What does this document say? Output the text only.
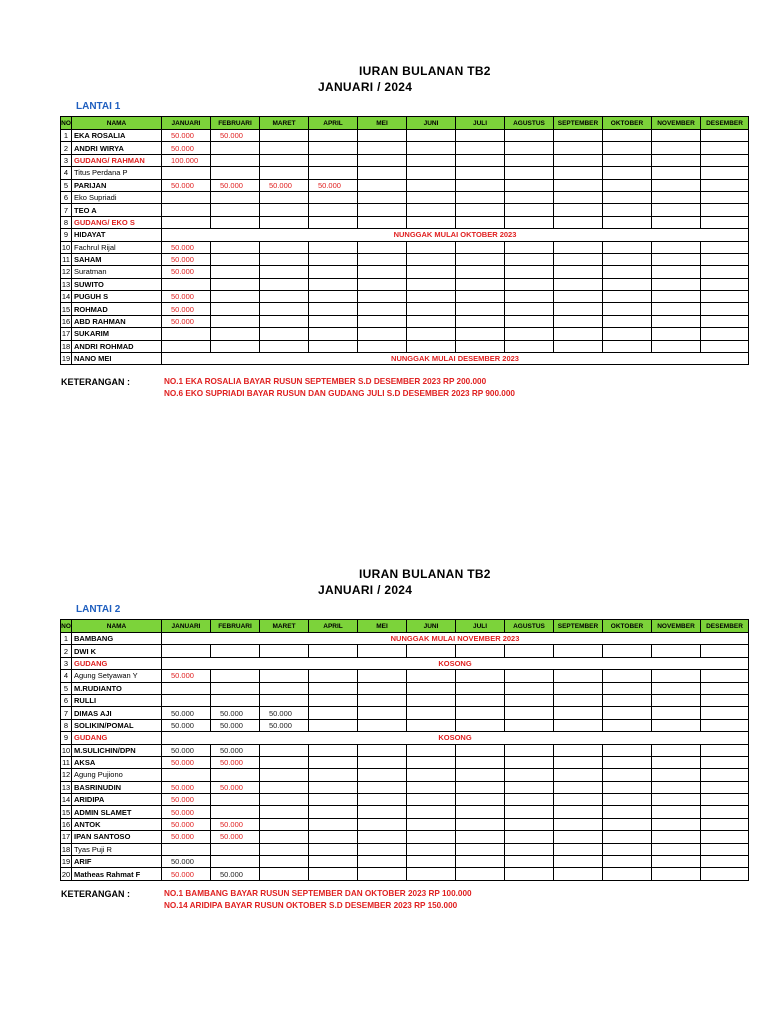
IURAN BULANAN TB2
JANUARI / 2024
LANTAI 1
NO	NAMA	JANUARI	FEBRUARI	MARET	APRIL	MEI	JUNI	JULI	AGUSTUS	SEPTEMBER	OKTOBER	NOVEMBER	DESEMBER
1	EKA ROSALIA	50.000	50.000										
2	ANDRI WIRYA	50.000											
3	GUDANG/ RAHMAN	100.000											
4	Titus Perdana P												
5	PARIJAN	50.000	50.000	50.000	50.000								
6	Eko Supriadi												
7	TEO A												
8	GUDANG/ EKO S												
9	HIDAYAT	NUNGGAK MULAI OKTOBER 2023											
10	Fachrul Rijal	50.000											
11	SAHAM	50.000											
12	Suratman	50.000											
13	SUWITO												
14	PUGUH S	50.000											
15	ROHMAD	50.000											
16	ABD RAHMAN	50.000											
17	SUKARIM												
18	ANDRI ROHMAD												
19	NANO MEI	NUNGGAK MULAI DESEMBER 2023											
KETERANGAN :	NO.1 EKA ROSALIA BAYAR RUSUN SEPTEMBER S.D DESEMBER 2023 RP 200.000
NO.6 EKO SUPRIADI BAYAR RUSUN DAN GUDANG JULI S.D DESEMBER 2023 RP 900.000
IURAN BULANAN TB2
JANUARI / 2024
LANTAI 2
NO	NAMA	JANUARI	FEBRUARI	MARET	APRIL	MEI	JUNI	JULI	AGUSTUS	SEPTEMBER	OKTOBER	NOVEMBER	DESEMBER
1	BAMBANG	NUNGGAK MULAI NOVEMBER 2023											
2	DWI K												
3	GUDANG	KOSONG											
4	Agung Setyawan Y	50.000											
5	M.RUDIANTO												
6	RULLI												
7	DIMAS AJI	50.000	50.000	50.000									
8	SOLIKIN/POMAL	50.000	50.000	50.000									
9	GUDANG	KOSONG											
10	M.SULICHIN/DPN	50.000	50.000										
11	AKSA	50.000	50.000										
12	Agung Pujiono												
13	BASRINUDIN	50.000	50.000										
14	ARIDIPA	50.000											
15	ADMIN SLAMET	50.000											
16	ANTOK	50.000	50.000										
17	IPAN SANTOSO	50.000	50.000										
18	Tyas Puji R												
19	ARIF	50.000											
20	Matheas Rahmat F	50.000	50.000										
KETERANGAN :	NO.1 BAMBANG BAYAR RUSUN SEPTEMBER DAN OKTOBER 2023 RP 100.000
NO.14 ARIDIPA BAYAR RUSUN OKTOBER S.D DESEMBER 2023 RP 150.000
